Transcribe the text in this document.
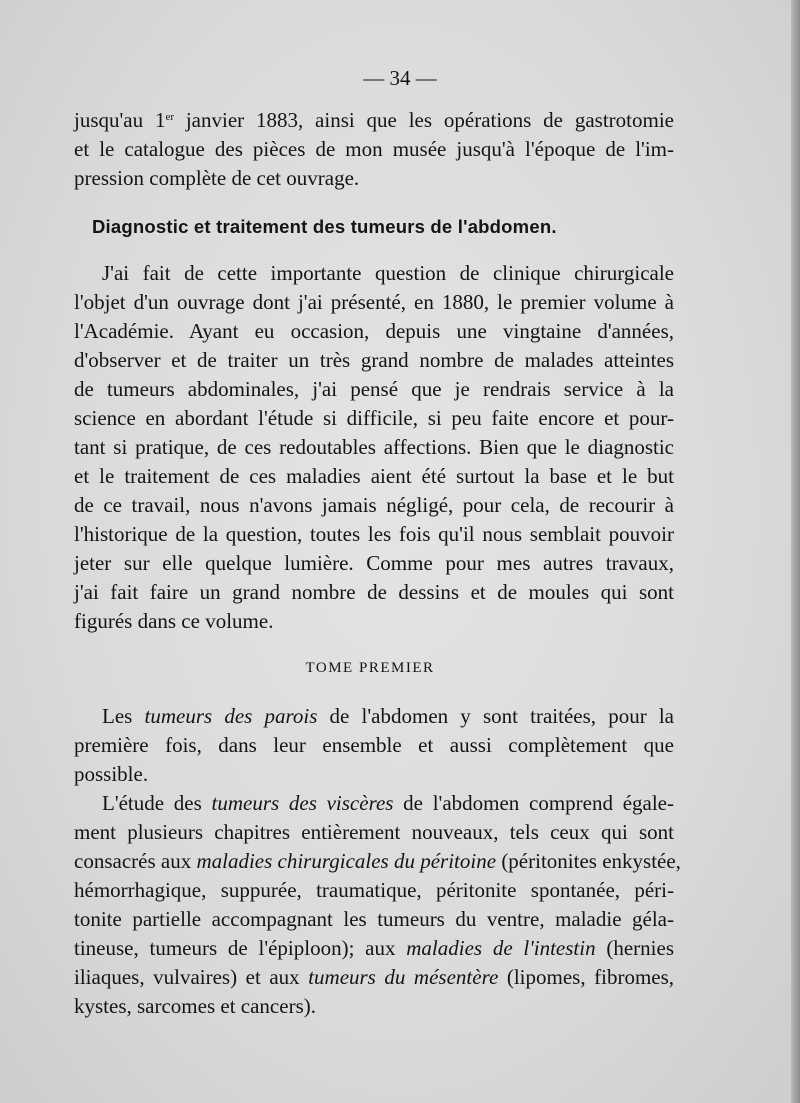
— 34 —
jusqu'au 1er janvier 1883, ainsi que les opérations de gastrotomie
et le catalogue des pièces de mon musée jusqu'à l'époque de l'im-
pression complète de cet ouvrage.
Diagnostic et traitement des tumeurs de l'abdomen.
J'ai fait de cette importante question de clinique chirurgicale
l'objet d'un ouvrage dont j'ai présenté, en 1880, le premier volume à
l'Académie. Ayant eu occasion, depuis une vingtaine d'années,
d'observer et de traiter un très grand nombre de malades atteintes
de tumeurs abdominales, j'ai pensé que je rendrais service à la
science en abordant l'étude si difficile, si peu faite encore et pour-
tant si pratique, de ces redoutables affections. Bien que le diagnostic
et le traitement de ces maladies aient été surtout la base et le but
de ce travail, nous n'avons jamais négligé, pour cela, de recourir à
l'historique de la question, toutes les fois qu'il nous semblait pouvoir
jeter sur elle quelque lumière. Comme pour mes autres travaux,
j'ai fait faire un grand nombre de dessins et de moules qui sont
figurés dans ce volume.
TOME PREMIER
Les tumeurs des parois de l'abdomen y sont traitées, pour la
première fois, dans leur ensemble et aussi complètement que
possible.
L'étude des tumeurs des viscères de l'abdomen comprend égale-
ment plusieurs chapitres entièrement nouveaux, tels ceux qui sont
consacrés aux maladies chirurgicales du péritoine (péritonites enkystée,
hémorrhagique, suppurée, traumatique, péritonite spontanée, péri-
tonite partielle accompagnant les tumeurs du ventre, maladie géla-
tineuse, tumeurs de l'épiploon); aux maladies de l'intestin (hernies
iliaques, vulvaires) et aux tumeurs du mésentère (lipomes, fibromes,
kystes, sarcomes et cancers).
